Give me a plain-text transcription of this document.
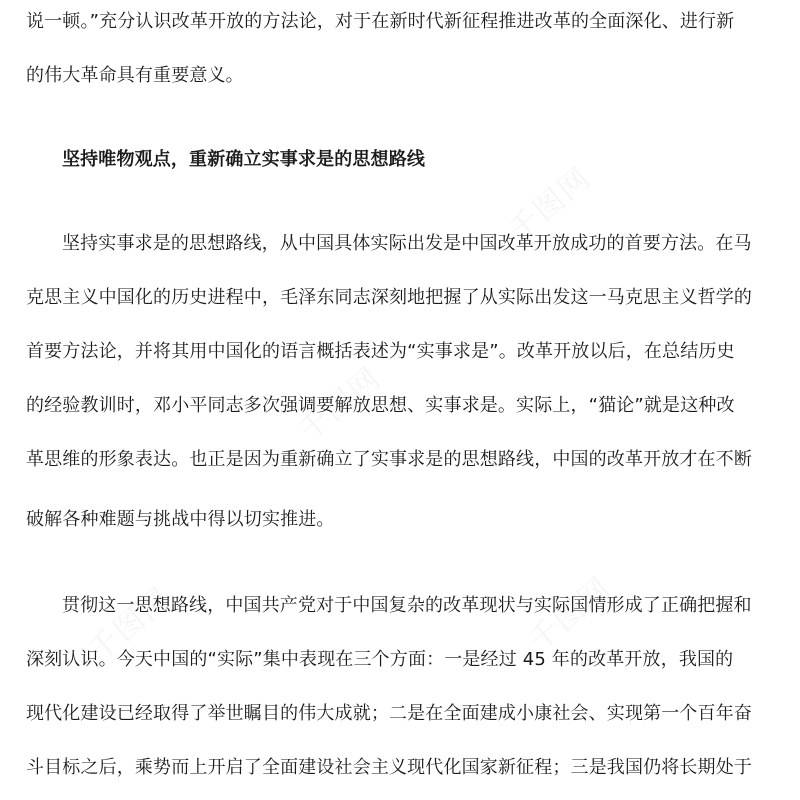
千图网
千图网
千图网	千图网
说一顿。”充分认识改革开放的方法论，对于在新时代新征程推进改革的全面深化、进行新
的伟大革命具有重要意义。
坚持唯物观点，重新确立实事求是的思想路线
坚持实事求是的思想路线，从中国具体实际出发是中国改革开放成功的首要方法。在马
克思主义中国化的历史进程中，毛泽东同志深刻地把握了从实际出发这一马克思主义哲学的
首要方法论，并将其用中国化的语言概括表述为“实事求是”。改革开放以后，在总结历史
的经验教训时，邓小平同志多次强调要解放思想、实事求是。实际上，“猫论”就是这种改
革思维的形象表达。也正是因为重新确立了实事求是的思想路线，中国的改革开放才在不断
破解各种难题与挑战中得以切实推进。
贯彻这一思想路线，中国共产党对于中国复杂的改革现状与实际国情形成了正确把握和
深刻认识。今天中国的“实际”集中表现在三个方面：一是经过 45 年的改革开放，我国的
现代化建设已经取得了举世瞩目的伟大成就；二是在全面建成小康社会、实现第一个百年奋
斗目标之后，乘势而上开启了全面建设社会主义现代化国家新征程；三是我国仍将长期处于
